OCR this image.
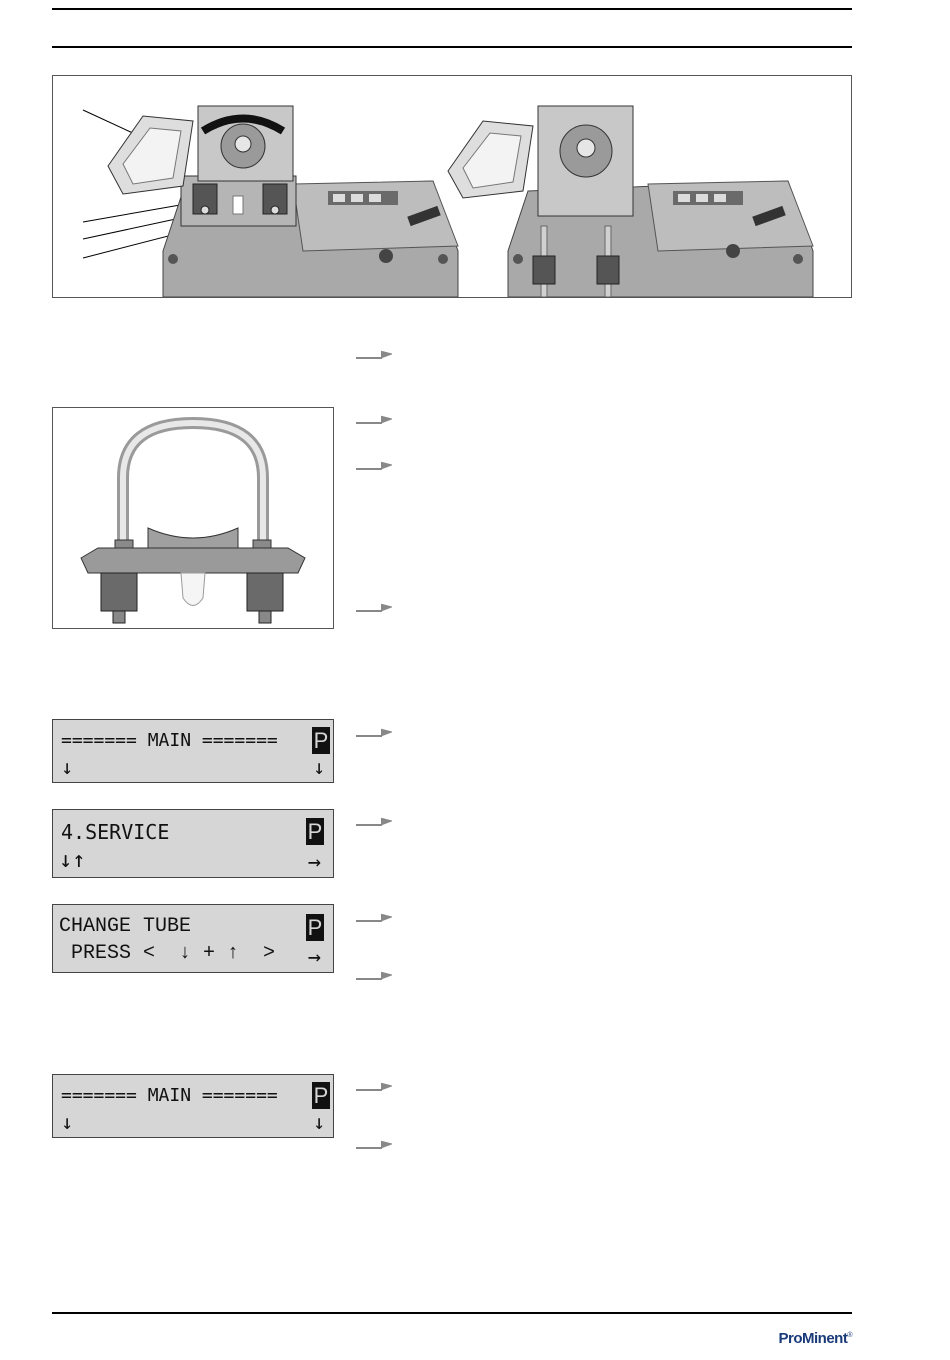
======= MAIN ======= P
↓	↓
4.SERVICE	P
↓↑	→
CHANGE TUBE	P
PRESS <  ↓ + ↑  > →
======= MAIN ======= P
↓	↓
ProMinent®
